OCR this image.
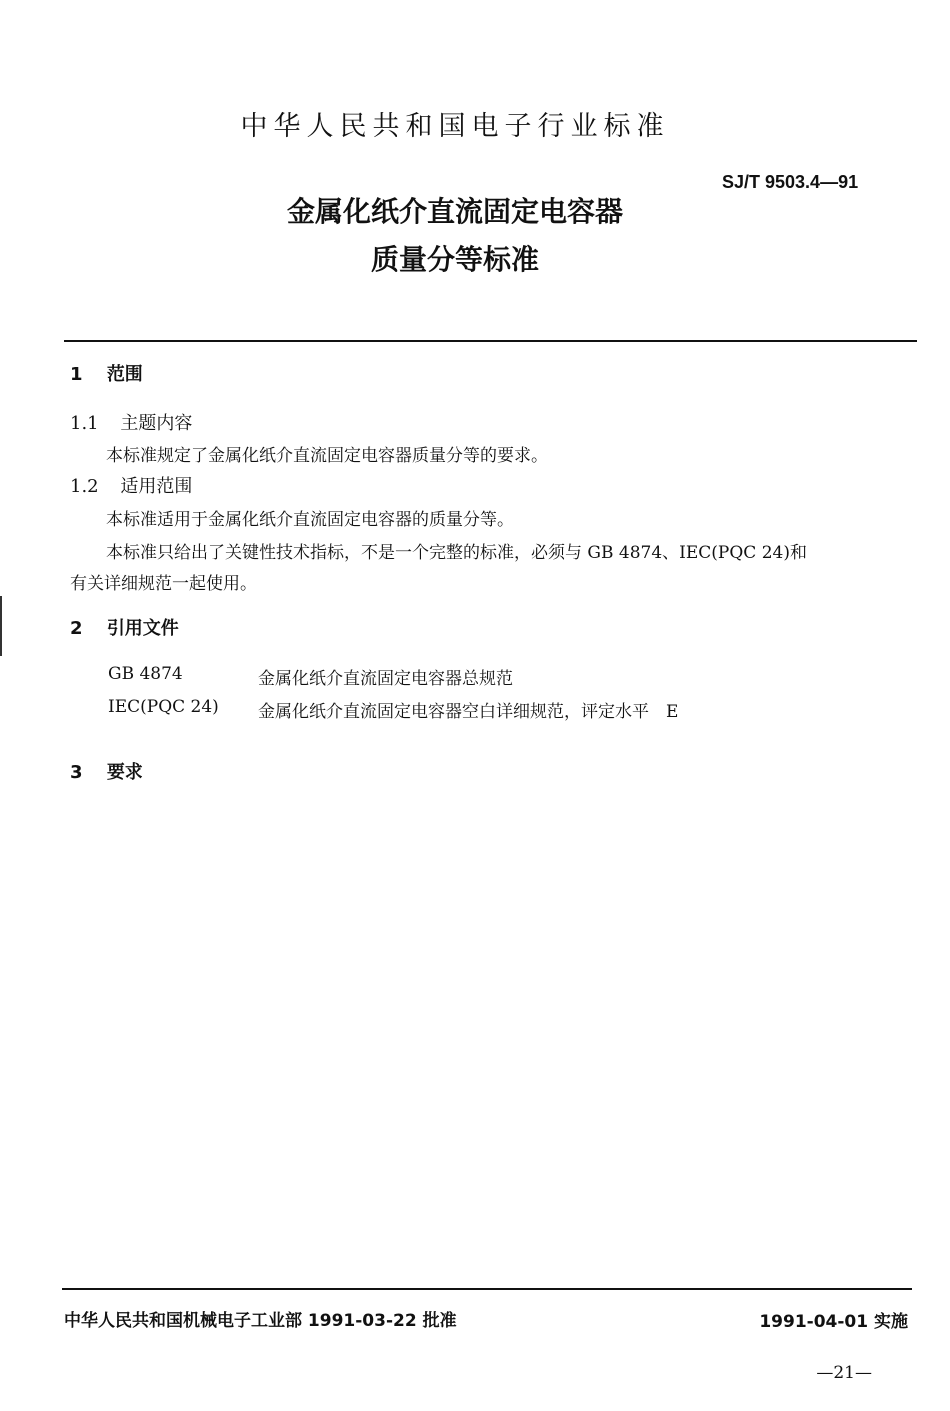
中华人民共和国电子行业标准
SJ/T 9503.4—91
金属化纸介直流固定电容器
质量分等标准
1 范围
1.1 主题内容
本标准规定了金属化纸介直流固定电容器质量分等的要求。
1.2 适用范围
本标准适用于金属化纸介直流固定电容器的质量分等。
本标准只给出了关键性技术指标，不是一个完整的标准，必须与 GB 4874、IEC(PQC 24)和
有关详细规范一起使用。
2 引用文件
GB 4874	金属化纸介直流固定电容器总规范
IEC(PQC 24) 金属化纸介直流固定电容器空白详细规范，评定水平　E
3 要求
中华人民共和国机械电子工业部 1991-03-22 批准	1991-04-01 实施
—21—
